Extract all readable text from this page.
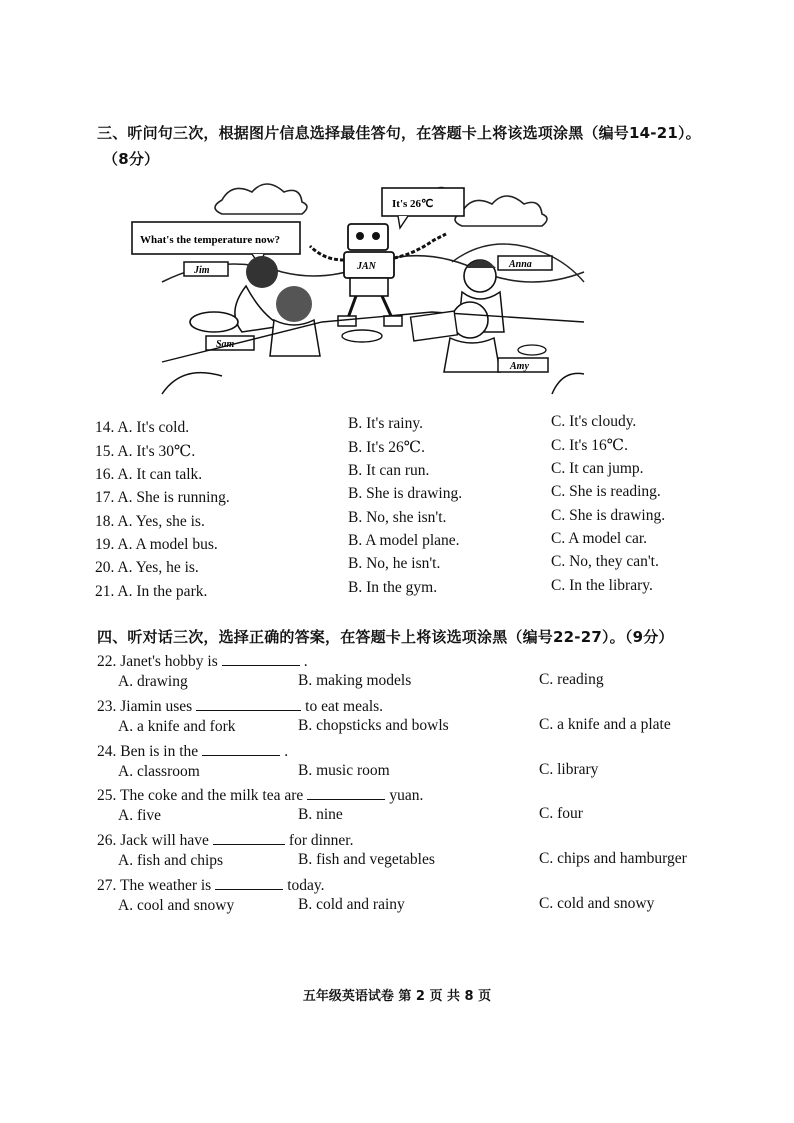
三、听问句三次，根据图片信息选择最佳答句，在答题卡上将该选项涂黑（编号14-21）。
（8分）
What's the temperature now?
It's 26℃
JAN
Jim
Sam
Anna
Amy
14. A. It's cold.	B. It's rainy.	C. It's cloudy.
15. A. It's 30℃.	B. It's 26℃.	C. It's 16℃.
16. A. It can talk.	B. It can run.	C. It can jump.
17. A. She is running.	B. She is drawing.	C. She is reading.
18. A. Yes, she is.	B. No, she isn't.	C. She is drawing.
19. A. A model bus.	B. A model plane.	C. A model car.
20. A. Yes, he is.	B. No, he isn't.	C. No, they can't.
21. A. In the park.	B. In the gym.	C. In the library.
四、听对话三次，选择正确的答案，在答题卡上将该选项涂黑（编号22-27）。（9分）
22. Janet's hobby is	.
A. drawing	B. making models	C. reading
23. Jiamin uses	to eat meals.
A. a knife and fork	B. chopsticks and bowls	C. a knife and a plate
24. Ben is in the	.
A. classroom	B. music room	C. library
25. The coke and the milk tea are	yuan.
A. five	B. nine	C. four
26. Jack will have	for dinner.
A. fish and chips	B. fish and vegetables	C. chips and hamburger
27. The weather is	today.
A. cool and snowy	B. cold and rainy	C. cold and snowy
五年级英语试卷 第 2 页 共 8 页
